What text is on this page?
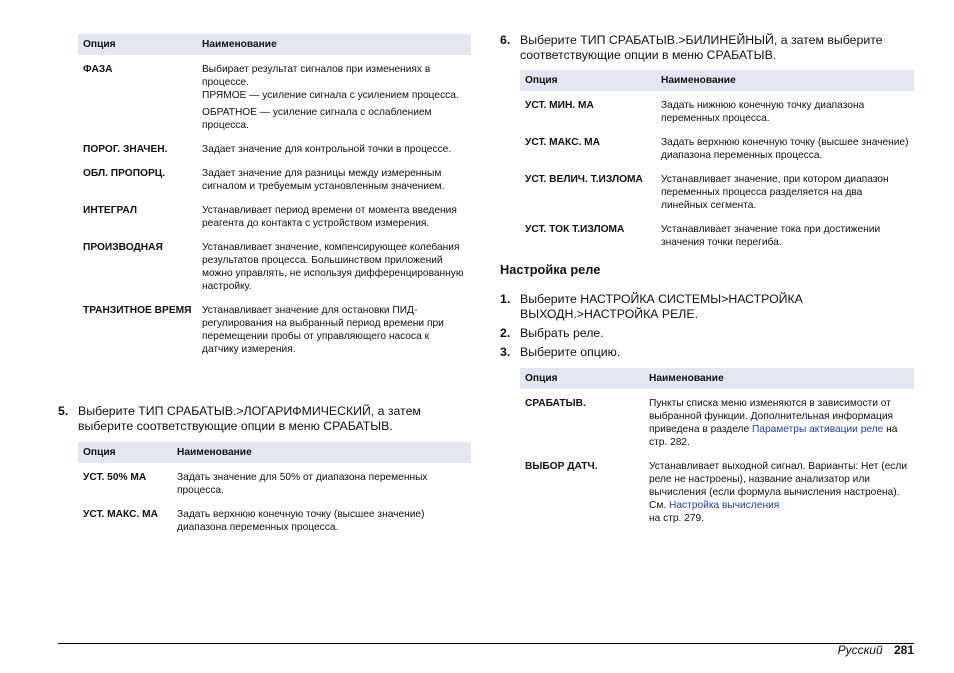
Опция	Наименование
ФАЗА	Выбирает результат сигналов при изменениях в процессе.

ПРЯМОЕ — усиление сигнала с усилением процесса.

ОБРАТНОЕ — усиление сигнала с ослаблением процесса.

ПОРОГ. ЗНАЧЕН.	Задает значение для контрольной точки в процессе.

ОБЛ. ПРОПОРЦ.	Задает значение для разницы между измеренным сигналом и требуемым установленным значением.

ИНТЕГРАЛ	Устанавливает период времени от момента введения реагента до контакта с устройством измерения.

ПРОИЗВОДНАЯ	Устанавливает значение, компенсирующее колебания результатов процесса. Большинством приложений можно управлять, не используя дифференцированную настройку.

ТРАНЗИТНОЕ ВРЕМЯ	Устанавливает значение для остановки ПИД-регулирования на выбранный период времени при перемещении пробы от управляющего насоса к датчику измерения.

5. Выберите ТИП СРАБАТЫВ.>ЛОГАРИФМИЧЕСКИЙ, а затем выберите соответствующие опции в меню СРАБАТЫВ.
Опция	Наименование
УСТ. 50% МА	Задать значение для 50% от диапазона переменных процесса.
УСТ. МАКС. МА	Задать верхнюю конечную точку (высшее значение) диапазона переменных процесса.
6. Выберите ТИП СРАБАТЫВ.>БИЛИНЕЙНЫЙ, а затем выберите соответствующие опции в меню СРАБАТЫВ.
Опция	Наименование
УСТ. МИН. МА	Задать нижнюю конечную точку диапазона переменных процесса.
УСТ. МАКС. МА	Задать верхнюю конечную точку (высшее значение) диапазона переменных процесса.
УСТ. ВЕЛИЧ. Т.ИЗЛОМА	Устанавливает значение, при котором диапазон переменных процесса разделяется на два линейных сегмента.
УСТ. ТОК Т.ИЗЛОМА	Устанавливает значение тока при достижении значения точки перегиба.
Настройка реле
1. Выберите НАСТРОЙКА СИСТЕМЫ>НАСТРОЙКА ВЫХОДН.>НАСТРОЙКА РЕЛЕ.
2. Выбрать реле.
3. Выберите опцию.
Опция	Наименование
СРАБАТЫВ.	Пункты списка меню изменяются в зависимости от выбранной функции. Дополнительная информация приведена в разделе Параметры активации реле на стр. 282.
ВЫБОР ДАТЧ.	Устанавливает выходной сигнал. Варианты: Нет (если реле не настроены), название анализатор или вычисления (если формула вычисления настроена). См. Настройка вычисления
на стр. 279.
Русский 281
